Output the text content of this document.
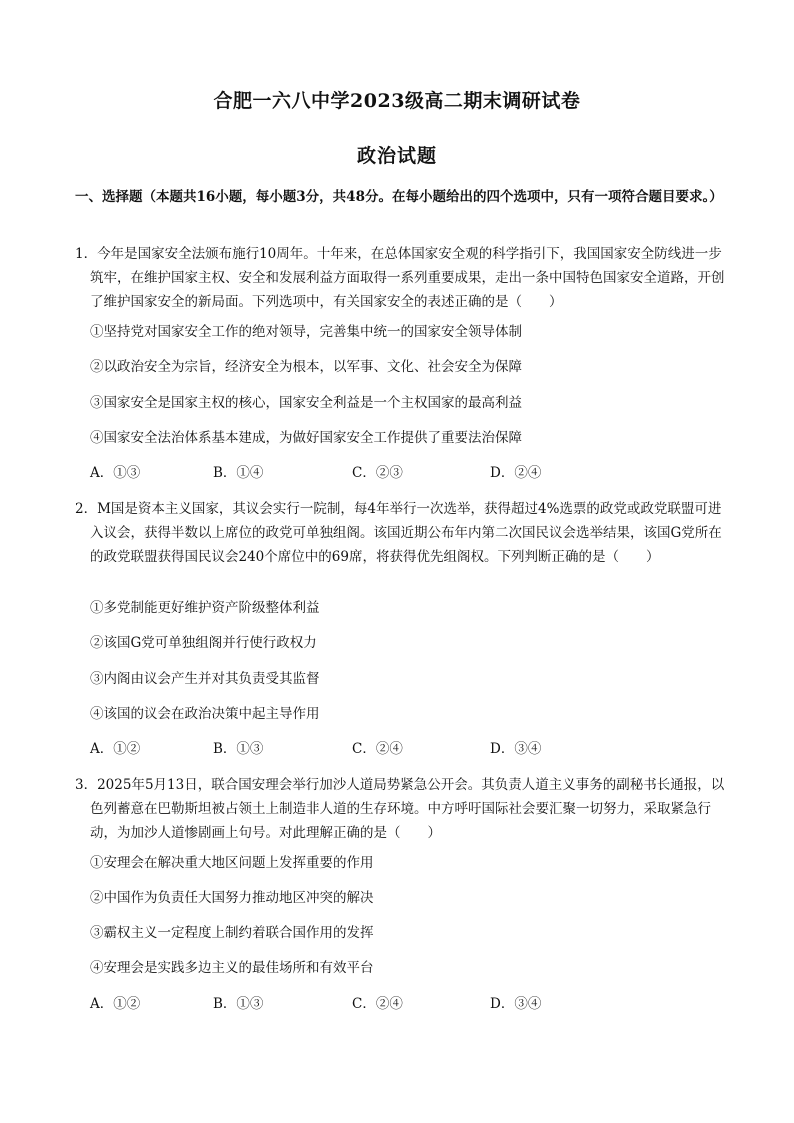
合肥一六八中学2023级高二期末调研试卷
政治试题
一、选择题（本题共16小题，每小题3分，共48分。在每小题给出的四个选项中，只有一项符合题目要求。）
1．今年是国家安全法颁布施行10周年。十年来，在总体国家安全观的科学指引下，我国国家安全防线进一步筑牢，在维护国家主权、安全和发展利益方面取得一系列重要成果，走出一条中国特色国家安全道路，开创了维护国家安全的新局面。下列选项中，有关国家安全的表述正确的是（　　）
①坚持党对国家安全工作的绝对领导，完善集中统一的国家安全领导体制
②以政治安全为宗旨，经济安全为根本，以军事、文化、社会安全为保障
③国家安全是国家主权的核心，国家安全利益是一个主权国家的最高利益
④国家安全法治体系基本建成，为做好国家安全工作提供了重要法治保障
A．①③	B．①④	C．②③	D．②④
2．M国是资本主义国家，其议会实行一院制，每4年举行一次选举，获得超过4%选票的政党或政党联盟可进入议会，获得半数以上席位的政党可单独组阁。该国近期公布年内第二次国民议会选举结果，该国G党所在的政党联盟获得国民议会240个席位中的69席，将获得优先组阁权。下列判断正确的是（　　）
①多党制能更好维护资产阶级整体利益
②该国G党可单独组阁并行使行政权力
③内阁由议会产生并对其负责受其监督
④该国的议会在政治决策中起主导作用
A．①②	B．①③	C．②④	D．③④
3．2025年5月13日，联合国安理会举行加沙人道局势紧急公开会。其负责人道主义事务的副秘书长通报，以色列蓄意在巴勒斯坦被占领土上制造非人道的生存环境。中方呼吁国际社会要汇聚一切努力，采取紧急行动，为加沙人道惨剧画上句号。对此理解正确的是（　　）
①安理会在解决重大地区问题上发挥重要的作用
②中国作为负责任大国努力推动地区冲突的解决
③霸权主义一定程度上制约着联合国作用的发挥
④安理会是实践多边主义的最佳场所和有效平台
A．①②	B．①③	C．②④	D．③④
